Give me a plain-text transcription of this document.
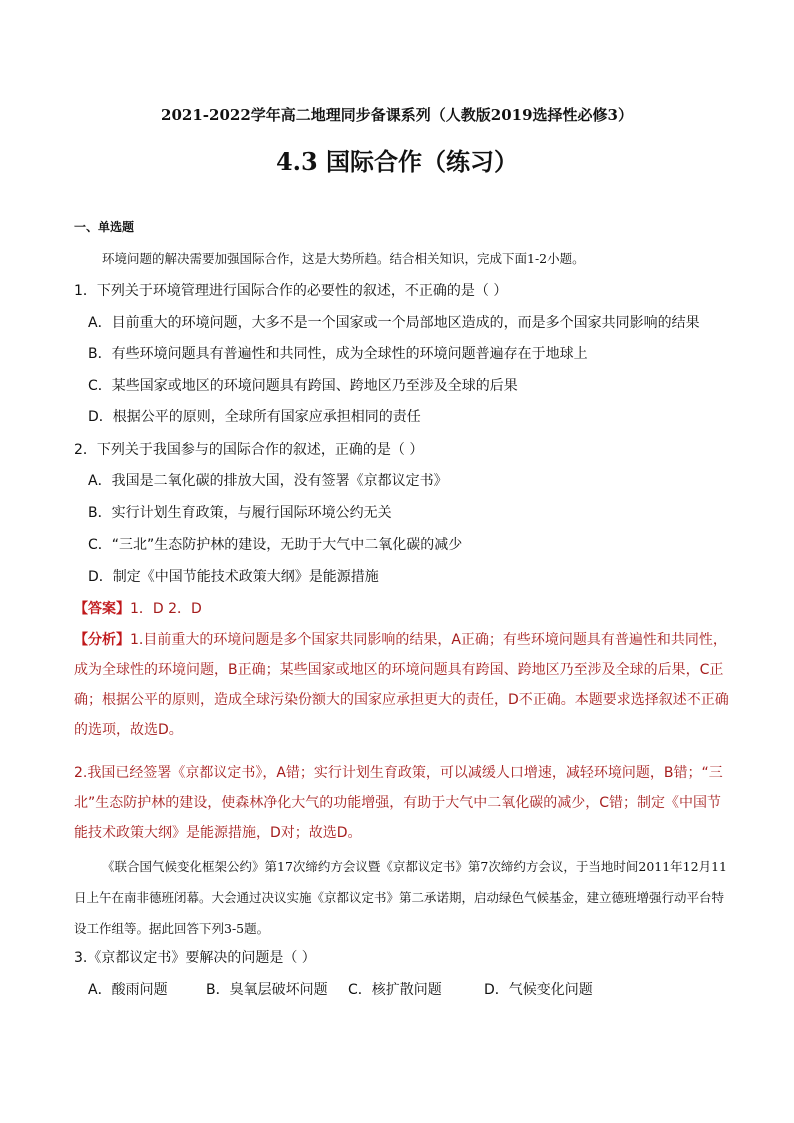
2021-2022学年高二地理同步备课系列（人教版2019选择性必修3）
4.3 国际合作（练习）
一、单选题
环境问题的解决需要加强国际合作，这是大势所趋。结合相关知识，完成下面1-2小题。
1．下列关于环境管理进行国际合作的必要性的叙述，不正确的是（ ）
A．目前重大的环境问题，大多不是一个国家或一个局部地区造成的，而是多个国家共同影响的结果
B．有些环境问题具有普遍性和共同性，成为全球性的环境问题普遍存在于地球上
C．某些国家或地区的环境问题具有跨国、跨地区乃至涉及全球的后果
D．根据公平的原则，全球所有国家应承担相同的责任
2．下列关于我国参与的国际合作的叙述，正确的是（ ）
A．我国是二氧化碳的排放大国，没有签署《京都议定书》
B．实行计划生育政策，与履行国际环境公约无关
C．“三北”生态防护林的建设，无助于大气中二氧化碳的减少
D．制定《中国节能技术政策大纲》是能源措施
【答案】1．D 2．D
【分析】1.目前重大的环境问题是多个国家共同影响的结果，A正确；有些环境问题具有普遍性和共同性，成为全球性的环境问题，B正确；某些国家或地区的环境问题具有跨国、跨地区乃至涉及全球的后果，C正确；根据公平的原则，造成全球污染份额大的国家应承担更大的责任，D不正确。本题要求选择叙述不正确的选项，故选D。
2.我国已经签署《京都议定书》，A错；实行计划生育政策，可以减缓人口增速，减轻环境问题，B错；“三北”生态防护林的建设，使森林净化大气的功能增强，有助于大气中二氧化碳的减少，C错；制定《中国节能技术政策大纲》是能源措施，D对；故选D。
《联合国气候变化框架公约》第17次缔约方会议暨《京都议定书》第7次缔约方会议，于当地时间2011年12月11日上午在南非德班闭幕。大会通过决议实施《京都议定书》第二承诺期，启动绿色气候基金，建立德班增强行动平台特设工作组等。据此回答下列3-5题。
3.《京都议定书》要解决的问题是（ ）
A．酸雨问题	B．臭氧层破坏问题 C．核扩散问题	D．气候变化问题
